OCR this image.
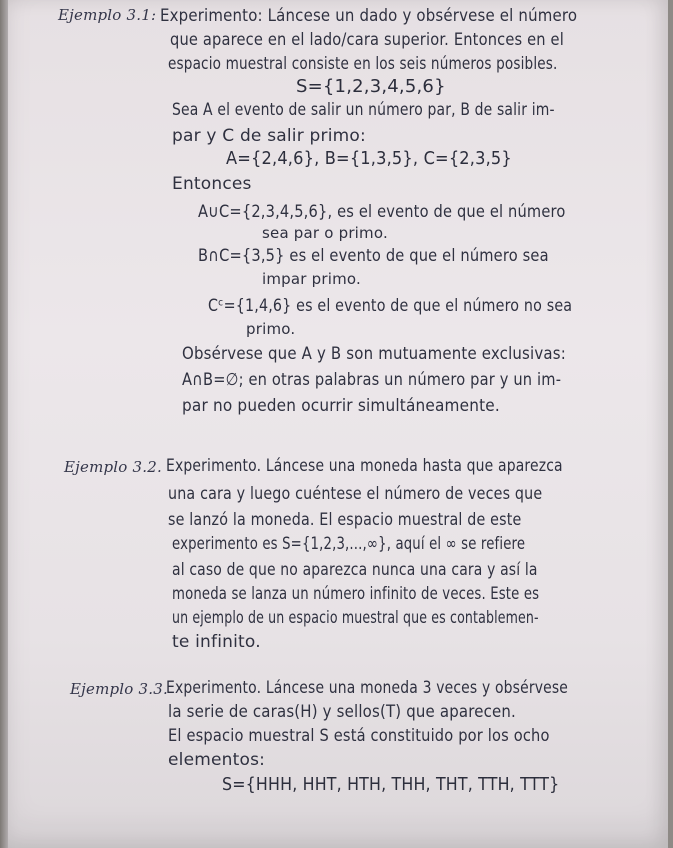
Ejemplo 3.1: Experimento: Láncese un dado y obsérvese el número
que aparece en el lado/cara superior. Entonces en el
espacio muestral consiste en los seis números posibles.
S={1,2,3,4,5,6}
Sea A el evento de salir un número par, B de salir im-
par y C de salir primo:
A={2,4,6}, B={1,3,5}, C={2,3,5}
Entonces
A∪C={2,3,4,5,6}, es el evento de que el número
sea par o primo.
B∩C={3,5} es el evento de que el número sea
impar primo.
Cᶜ={1,4,6} es el evento de que el número no sea
primo.
Obsérvese que A y B son mutuamente exclusivas:
A∩B=∅; en otras palabras un número par y un im-
par no pueden ocurrir simultáneamente.
Ejemplo 3.2. Experimento. Láncese una moneda hasta que aparezca
una cara y luego cuéntese el número de veces que
se lanzó la moneda. El espacio muestral de este
experimento es S={1,2,3,...,∞}, aquí el ∞ se refiere
al caso de que no aparezca nunca una cara y así la
moneda se lanza un número infinito de veces. Este es
un ejemplo de un espacio muestral que es contablemen-
te infinito.
Ejemplo 3.3.
Experimento. Láncese una moneda 3 veces y obsérvese
la serie de caras(H) y sellos(T) que aparecen.
El espacio muestral S está constituido por los ocho
elementos:
S={HHH, HHT, HTH, THH, THT, TTH, TTT}
